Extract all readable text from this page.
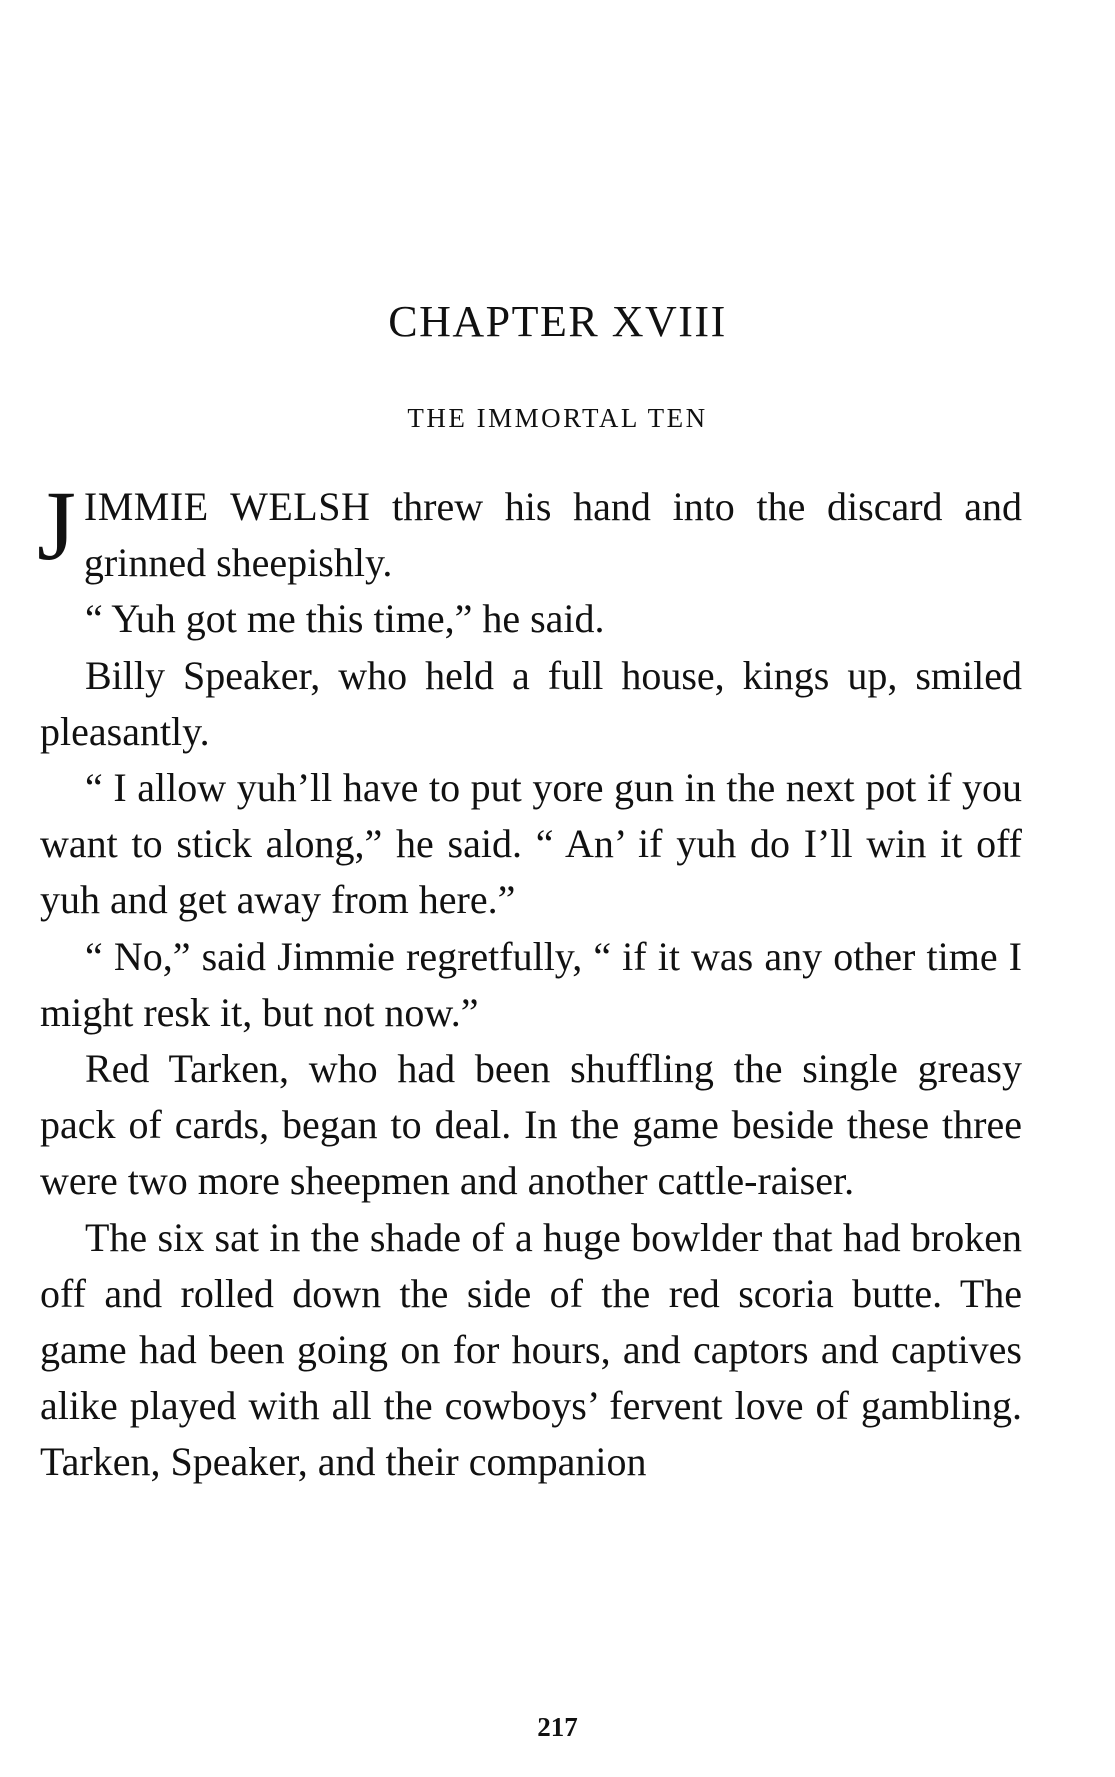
CHAPTER XVIII
THE IMMORTAL TEN

JIMMIE WELSH threw his hand into the discard and grinned sheepishly.

“ Yuh got me this time,” he said.

Billy Speaker, who held a full house, kings up, smiled pleasantly.

“ I allow yuh’ll have to put yore gun in the next pot if you want to stick along,” he said. “ An’ if yuh do I’ll win it off yuh and get away from here.”

“ No,” said Jimmie regretfully, “ if it was any other time I might resk it, but not now.”

Red Tarken, who had been shuffling the single greasy pack of cards, began to deal. In the game beside these three were two more sheepmen and another cattle-raiser.

The six sat in the shade of a huge bowlder that had broken off and rolled down the side of the red scoria butte. The game had been going on for hours, and captors and captives alike played with all the cowboys’ fervent love of gambling. Tarken, Speaker, and their companion

217
